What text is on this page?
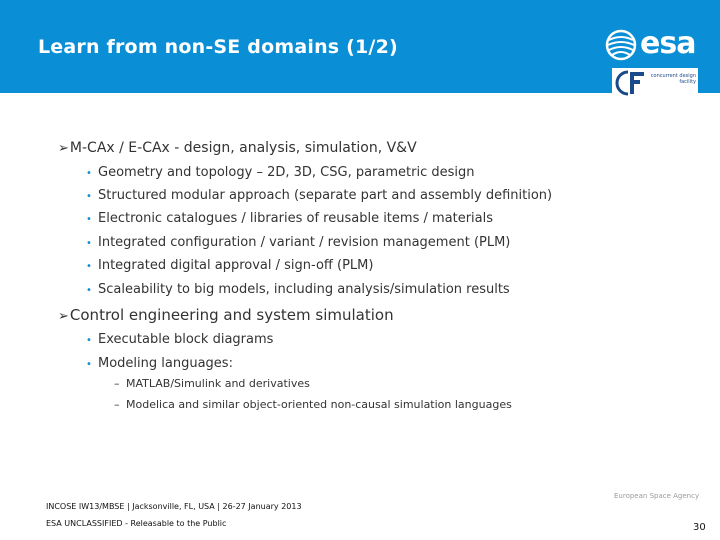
Learn from non-SE domains (1/2)	esa
concurrent design facility
➢M-CAx / E-CAx - design, analysis, simulation, V&V
• Geometry and topology – 2D, 3D, CSG, parametric design
• Structured modular approach (separate part and assembly definition)
• Electronic catalogues / libraries of reusable items / materials
• Integrated configuration / variant / revision management (PLM)
• Integrated digital approval / sign-off (PLM)
• Scaleability to big models, including analysis/simulation results
➢Control engineering and system simulation
• Executable block diagrams
• Modeling languages:
– MATLAB/Simulink and derivatives
– Modelica and similar object-oriented non-causal simulation languages
INCOSE IW13/MBSE | Jacksonville, FL, USA | 26-27 January 2013
ESA UNCLASSIFIED - Releasable to the Public
European Space Agency
30
